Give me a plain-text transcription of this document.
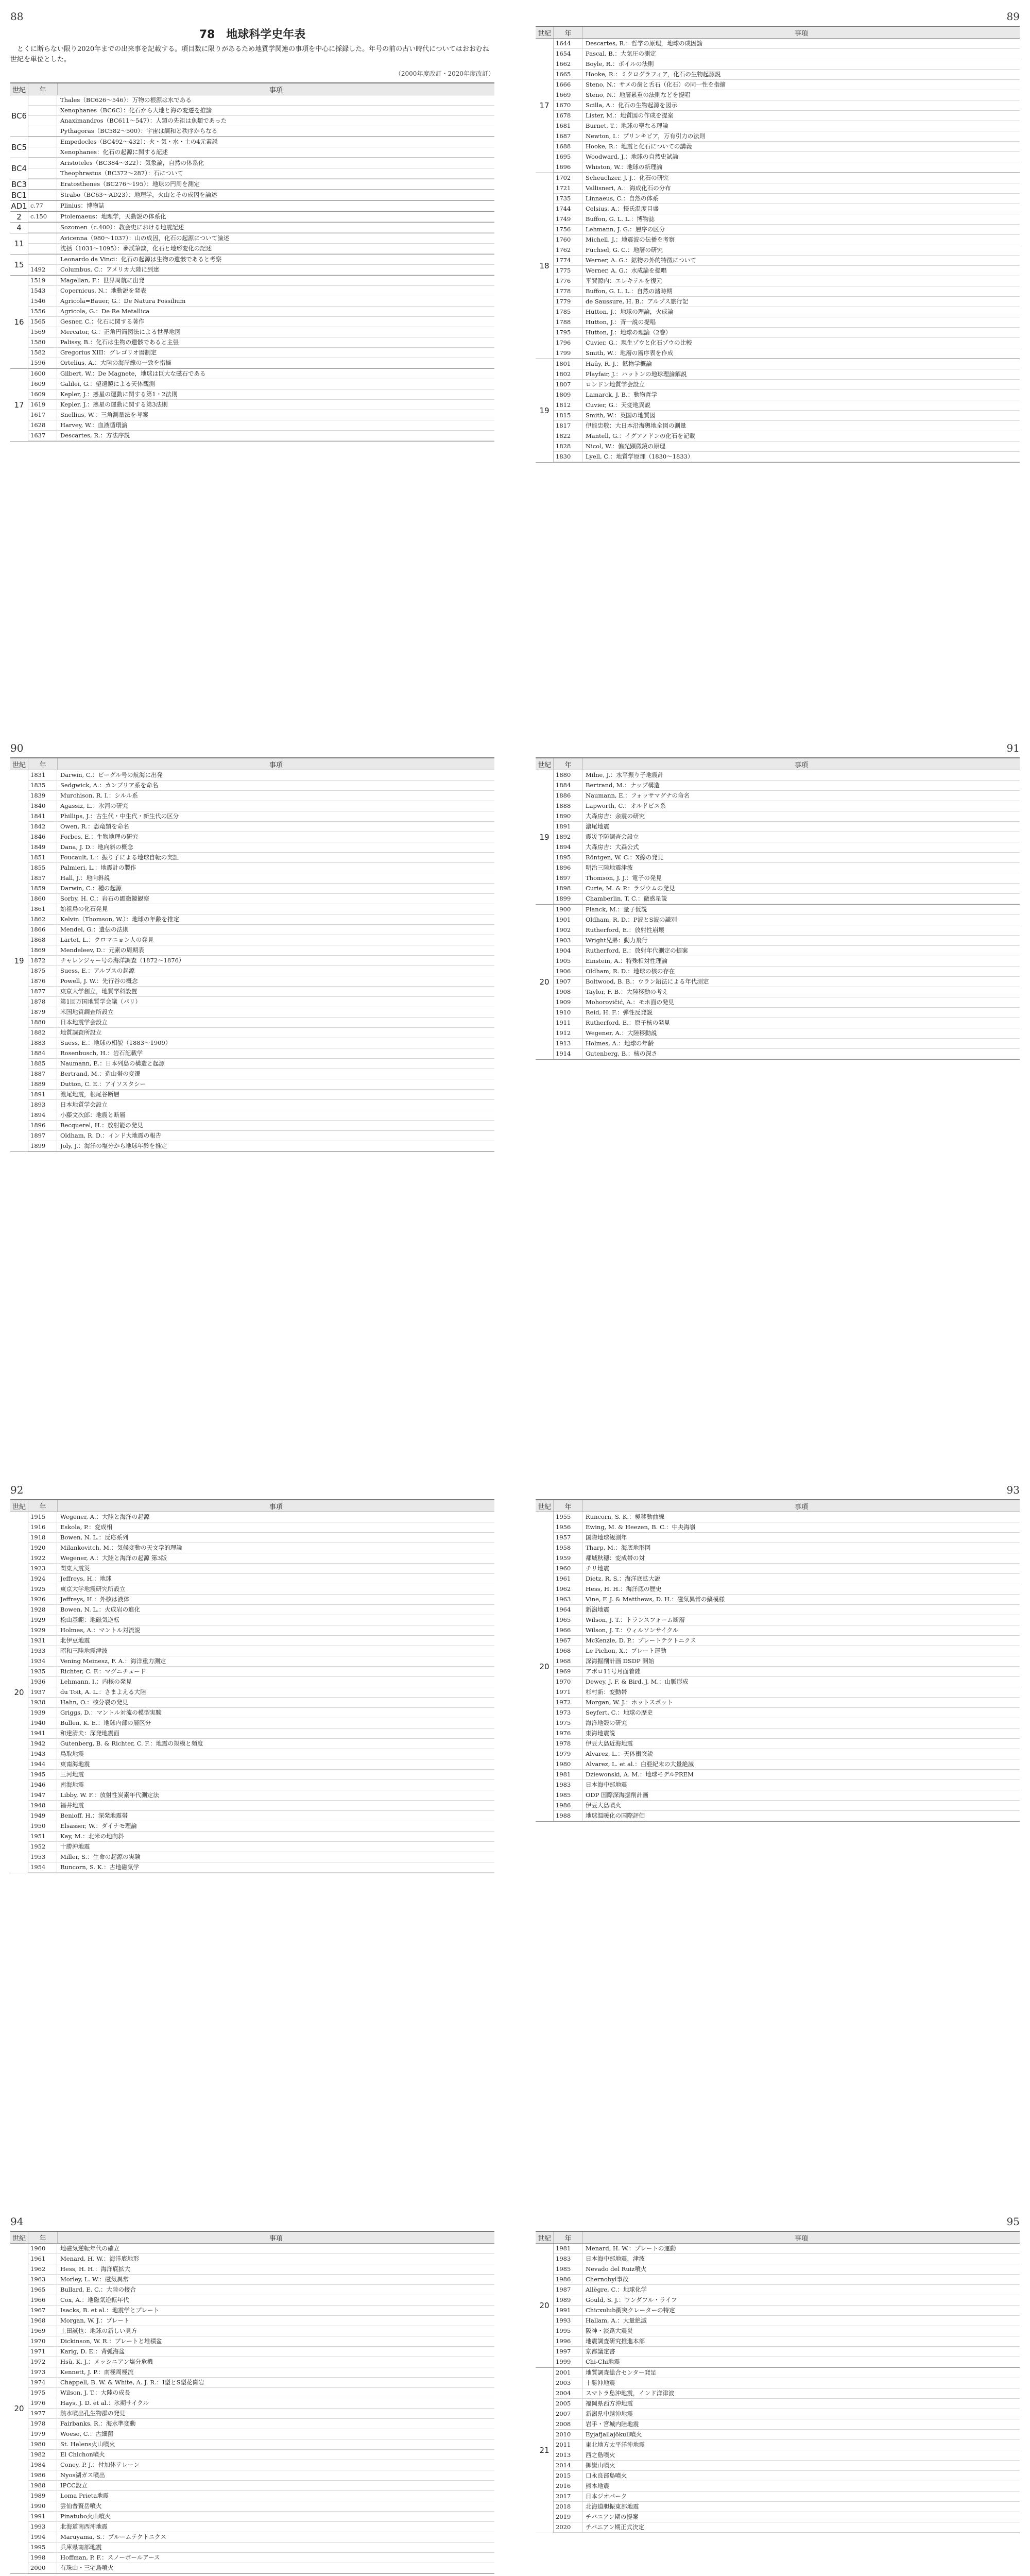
88
78　地球科学史年表
とくに断らない限り2020年までの出来事を記載する。項目数に限りがあるため地質学関連の事項を中心に採録した。年号の前の古い時代についてはおおむね世紀を単位とした。
（2000年度改訂・2020年度改訂）
世紀	年	事項
BC6
Thales（BC626～546）：万物の根源は水である
Xenophanes（BC6C）：化石から大地と海の変遷を推論
Anaximandros（BC611～547）：人類の先祖は魚類であった
Pythagoras（BC582～500）：宇宙は調和と秩序からなる
BC5
Empedocles（BC492～432）：火・気・水・土の4元素説
Xenophanes：化石の起源に関する記述
BC4
Aristoteles（BC384～322）：気象論，自然の体系化
Theophrastus（BC372～287）：石について
BC3	Eratosthenes（BC276～195）：地球の円周を測定
BC1	Strabo（BC63～AD23）：地理学，火山とその成因を論述
AD1 c.77	Plinius：博物誌
2	c.150	Ptolemaeus：地理学，天動説の体系化
4	Sozomen（c.400）：教会史における地震記述
11
Avicenna（980～1037）：山の成因，化石の起源について論述
沈括（1031～1095）：夢渓筆談，化石と地形変化の記述
15
Leonardo da Vinci：化石の起源は生物の遺骸であると考察
1492	Columbus, C.：アメリカ大陸に到達
16
1519	Magellan, F.：世界周航に出発
1543	Copernicus, N.：地動説を発表
1546	Agricola=Bauer, G.：De Natura Fossilium
1556	Agricola, G.：De Re Metallica
1565	Gesner, C.：化石に関する著作
1569	Mercator, G.：正角円筒図法による世界地図
1580	Palissy, B.：化石は生物の遺骸であると主張
1582	Gregorius XIII：グレゴリオ暦制定
1596	Ortelius, A.：大陸の海岸線の一致を指摘
17
1600	Gilbert, W.：De Magnete，地球は巨大な磁石である
1609	Galilei, G.：望遠鏡による天体観測
1609	Kepler, J.：惑星の運動に関する第1・2法則
1619	Kepler, J.：惑星の運動に関する第3法則
1617	Snellius, W.：三角測量法を考案
1628	Harvey, W.：血液循環論
1637	Descartes, R.：方法序説
89
世紀	年	事項
17
1644	Descartes, R.：哲学の原理，地球の成因論
1654	Pascal, B.：大気圧の測定
1662	Boyle, R.：ボイルの法則
1665	Hooke, R.：ミクログラフィア，化石の生物起源説
1666	Steno, N.：サメの歯と舌石（化石）の同一性を指摘
1669	Steno, N.：地層累重の法則などを提唱
1670	Scilla, A.：化石の生物起源を図示
1678	Lister, M.：地質図の作成を提案
1681	Burnet, T.：地球の聖なる理論
1687	Newton, I.：プリンキピア，万有引力の法則
1688	Hooke, R.：地震と化石についての講義
1695	Woodward, J.：地球の自然史試論
1696	Whiston, W.：地球の新理論
18
1702	Scheuchzer, J. J.：化石の研究
1721	Vallisneri, A.：海成化石の分布
1735	Linnaeus, C.：自然の体系
1744	Celsius, A.：摂氏温度目盛
1749	Buffon, G. L. L.：博物誌
1756	Lehmann, J. G.：層序の区分
1760	Michell, J.：地震波の伝播を考察
1762	Füchsel, G. C.：地層の研究
1774	Werner, A. G.：鉱物の外的特徴について
1775	Werner, A. G.：水成論を提唱
1776	平賀源内：エレキテルを復元
1778	Buffon, G. L. L.：自然の諸時期
1779	de Saussure, H. B.：アルプス旅行記
1785	Hutton, J.：地球の理論，火成論
1788	Hutton, J.：斉一説の提唱
1795	Hutton, J.：地球の理論（2巻）
1796	Cuvier, G.：現生ゾウと化石ゾウの比較
1799	Smith, W.：地層の層序表を作成
19
1801	Haüy, R. J.：鉱物学概論
1802	Playfair, J.：ハットンの地球理論解説
1807	ロンドン地質学会設立
1809	Lamarck, J. B.：動物哲学
1812	Cuvier, G.：天変地異説
1815	Smith, W.：英国の地質図
1817	伊能忠敬：大日本沿海輿地全図の測量
1822	Mantell, G.：イグアノドンの化石を記載
1828	Nicol, W.：偏光顕微鏡の原理
1830	Lyell, C.：地質学原理（1830～1833）
90
世紀	年	事項
19
1831	Darwin, C.：ビーグル号の航海に出発
1835	Sedgwick, A.：カンブリア系を命名
1839	Murchison, R. I.：シルル系
1840	Agassiz, L.：氷河の研究
1841	Phillips, J.：古生代・中生代・新生代の区分
1842	Owen, R.：恐竜類を命名
1846	Forbes, E.：生物地理の研究
1849	Dana, J. D.：地向斜の概念
1851	Foucault, L.：振り子による地球自転の実証
1855	Palmieri, L.：地震計の製作
1857	Hall, J.：地向斜説
1859	Darwin, C.：種の起源
1860	Sorby, H. C.：岩石の顕微鏡観察
1861	始祖鳥の化石発見
1862	Kelvin（Thomson, W.）：地球の年齢を推定
1866	Mendel, G.：遺伝の法則
1868	Lartet, L.：クロマニョン人の発見
1869	Mendeleev, D.：元素の周期表
1872	チャレンジャー号の海洋調査（1872～1876）
1875	Suess, E.：アルプスの起源
1876	Powell, J. W.：先行谷の概念
1877	東京大学創立，地質学科設置
1878	第1回万国地質学会議（パリ）
1879	米国地質調査所設立
1880	日本地震学会設立
1882	地質調査所設立
1883	Suess, E.：地球の相貌（1883～1909）
1884	Rosenbusch, H.：岩石記載学
1885	Naumann, E.：日本列島の構造と起源
1887	Bertrand, M.：造山帯の変遷
1889	Dutton, C. E.：アイソスタシー
1891	濃尾地震，根尾谷断層
1893	日本地質学会設立
1894	小藤文次郎：地震と断層
1896	Becquerel, H.：放射能の発見
1897	Oldham, R. D.：インド大地震の報告
1899	Joly, J.：海洋の塩分から地球年齢を推定
91
世紀	年	事項
19
1880	Milne, J.：水平振り子地震計
1884	Bertrand, M.：ナップ構造
1886	Naumann, E.：フォッサマグナの命名
1888	Lapworth, C.：オルドビス系
1890	大森房吉：余震の研究
1891	濃尾地震
1892	震災予防調査会設立
1894	大森房吉：大森公式
1895	Röntgen, W. C.：X線の発見
1896	明治三陸地震津波
1897	Thomson, J. J.：電子の発見
1898	Curie, M. & P.：ラジウムの発見
1899	Chamberlin, T. C.：微惑星説
20
1900	Planck, M.：量子仮説
1901	Oldham, R. D.：P波とS波の識別
1902	Rutherford, E.：放射性崩壊
1903	Wright兄弟：動力飛行
1904	Rutherford, E.：放射年代測定の提案
1905	Einstein, A.：特殊相対性理論
1906	Oldham, R. D.：地球の核の存在
1907	Boltwood, B. B.：ウラン鉛法による年代測定
1908	Taylor, F. B.：大陸移動の考え
1909	Mohorovičić, A.：モホ面の発見
1910	Reid, H. F.：弾性反発説
1911	Rutherford, E.：原子核の発見
1912	Wegener, A.：大陸移動説
1913	Holmes, A.：地球の年齢
1914	Gutenberg, B.：核の深さ
92
世紀	年	事項
20
1915	Wegener, A.：大陸と海洋の起源
1916	Eskola, P.：変成相
1918	Bowen, N. L.：反応系列
1920	Milankovitch, M.：気候変動の天文学的理論
1922	Wegener, A.：大陸と海洋の起源 第3版
1923	関東大震災
1924	Jeffreys, H.：地球
1925	東京大学地震研究所設立
1926	Jeffreys, H.：外核は液体
1928	Bowen, N. L.：火成岩の進化
1929	松山基範：地磁気逆転
1929	Holmes, A.：マントル対流説
1931	北伊豆地震
1933	昭和三陸地震津波
1934	Vening Meinesz, F. A.：海洋重力測定
1935	Richter, C. F.：マグニチュード
1936	Lehmann, I.：内核の発見
1937	du Toit, A. L.：さまよえる大陸
1938	Hahn, O.：核分裂の発見
1939	Griggs, D.：マントル対流の模型実験
1940	Bullen, K. E.：地球内部の層区分
1941	和達清夫：深発地震面
1942	Gutenberg, B. & Richter, C. F.：地震の規模と頻度
1943	鳥取地震
1944	東南海地震
1945	三河地震
1946	南海地震
1947	Libby, W. F.：放射性炭素年代測定法
1948	福井地震
1949	Benioff, H.：深発地震帯
1950	Elsasser, W.：ダイナモ理論
1951	Kay, M.：北米の地向斜
1952	十勝沖地震
1953	Miller, S.：生命の起源の実験
1954	Runcorn, S. K.：古地磁気学
93
世紀	年	事項
20
1955	Runcorn, S. K.：極移動曲線
1956	Ewing, M. & Heezen, B. C.：中央海嶺
1957	国際地球観測年
1958	Tharp, M.：海底地形図
1959	都城秋穂：変成帯の対
1960	チリ地震
1961	Dietz, R. S.：海洋底拡大説
1962	Hess, H. H.：海洋底の歴史
1963	Vine, F. J. & Matthews, D. H.：磁気異常の縞模様
1964	新潟地震
1965	Wilson, J. T.：トランスフォーム断層
1966	Wilson, J. T.：ウィルソンサイクル
1967	McKenzie, D. P.：プレートテクトニクス
1968	Le Pichon, X.：プレート運動
1968	深海掘削計画 DSDP 開始
1969	アポロ11号月面着陸
1970	Dewey, J. F. & Bird, J. M.：山脈形成
1971	杉村新：変動帯
1972	Morgan, W. J.：ホットスポット
1973	Seyfert, C.：地球の歴史
1975	海洋地殻の研究
1976	東海地震説
1978	伊豆大島近海地震
1979	Alvarez, L.：天体衝突説
1980	Alvarez, L. et al.：白亜紀末の大量絶滅
1981	Dziewonski, A. M.：地球モデルPREM
1983	日本海中部地震
1985	ODP 国際深海掘削計画
1986	伊豆大島噴火
1988	地球温暖化の国際評価
94
世紀	年	事項
20
1960	地磁気逆転年代の確立
1961	Menard, H. W.：海洋底地形
1962	Hess, H. H.：海洋底拡大
1963	Morley, L. W.：磁気異常
1965	Bullard, E. C.：大陸の接合
1966	Cox, A.：地磁気逆転年代
1967	Isacks, B. et al.：地震学とプレート
1968	Morgan, W. J.：プレート
1969	上田誠也：地球の新しい見方
1970	Dickinson, W. R.：プレートと堆積盆
1971	Karig, D. E.：背弧海盆
1972	Hsü, K. J.：メッシニアン塩分危機
1973	Kennett, J. P.：南極周極流
1974	Chappell, B. W. & White, A. J. R.：I型とS型花崗岩
1975	Wilson, J. T.：大陸の成長
1976	Hays, J. D. et al.：氷期サイクル
1977	熱水噴出孔生物群の発見
1978	Fairbanks, R.：海水準変動
1979	Woese, C.：古細菌
1980	St. Helens火山噴火
1982	El Chichon噴火
1984	Coney, P. J.：付加体テレーン
1986	Nyos湖ガス噴出
1988	IPCC設立
1989	Loma Prieta地震
1990	雲仙普賢岳噴火
1991	Pinatubo火山噴火
1993	北海道南西沖地震
1994	Maruyama, S.：プルームテクトニクス
1995	兵庫県南部地震
1998	Hoffman, P. F.：スノーボールアース
2000	有珠山・三宅島噴火
95
世紀	年	事項
20
1981	Menard, H. W.：プレートの運動
1983	日本海中部地震，津波
1985	Nevado del Ruiz噴火
1986	Chernobyl事故
1987	Allègre, C.：地球化学
1989	Gould, S. J.：ワンダフル・ライフ
1991	Chicxulub衝突クレーターの特定
1993	Hallam, A.：大量絶滅
1995	阪神・淡路大震災
1996	地震調査研究推進本部
1997	京都議定書
1999	Chi-Chi地震
21
2001	地質調査総合センター発足
2003	十勝沖地震
2004	スマトラ島沖地震，インド洋津波
2005	福岡県西方沖地震
2007	新潟県中越沖地震
2008	岩手・宮城内陸地震
2010	Eyjafjallajökull噴火
2011	東北地方太平洋沖地震
2013	西之島噴火
2014	御嶽山噴火
2015	口永良部島噴火
2016	熊本地震
2017	日本ジオパーク
2018	北海道胆振東部地震
2019	チバニアン期の提案
2020	チバニアン期正式決定
